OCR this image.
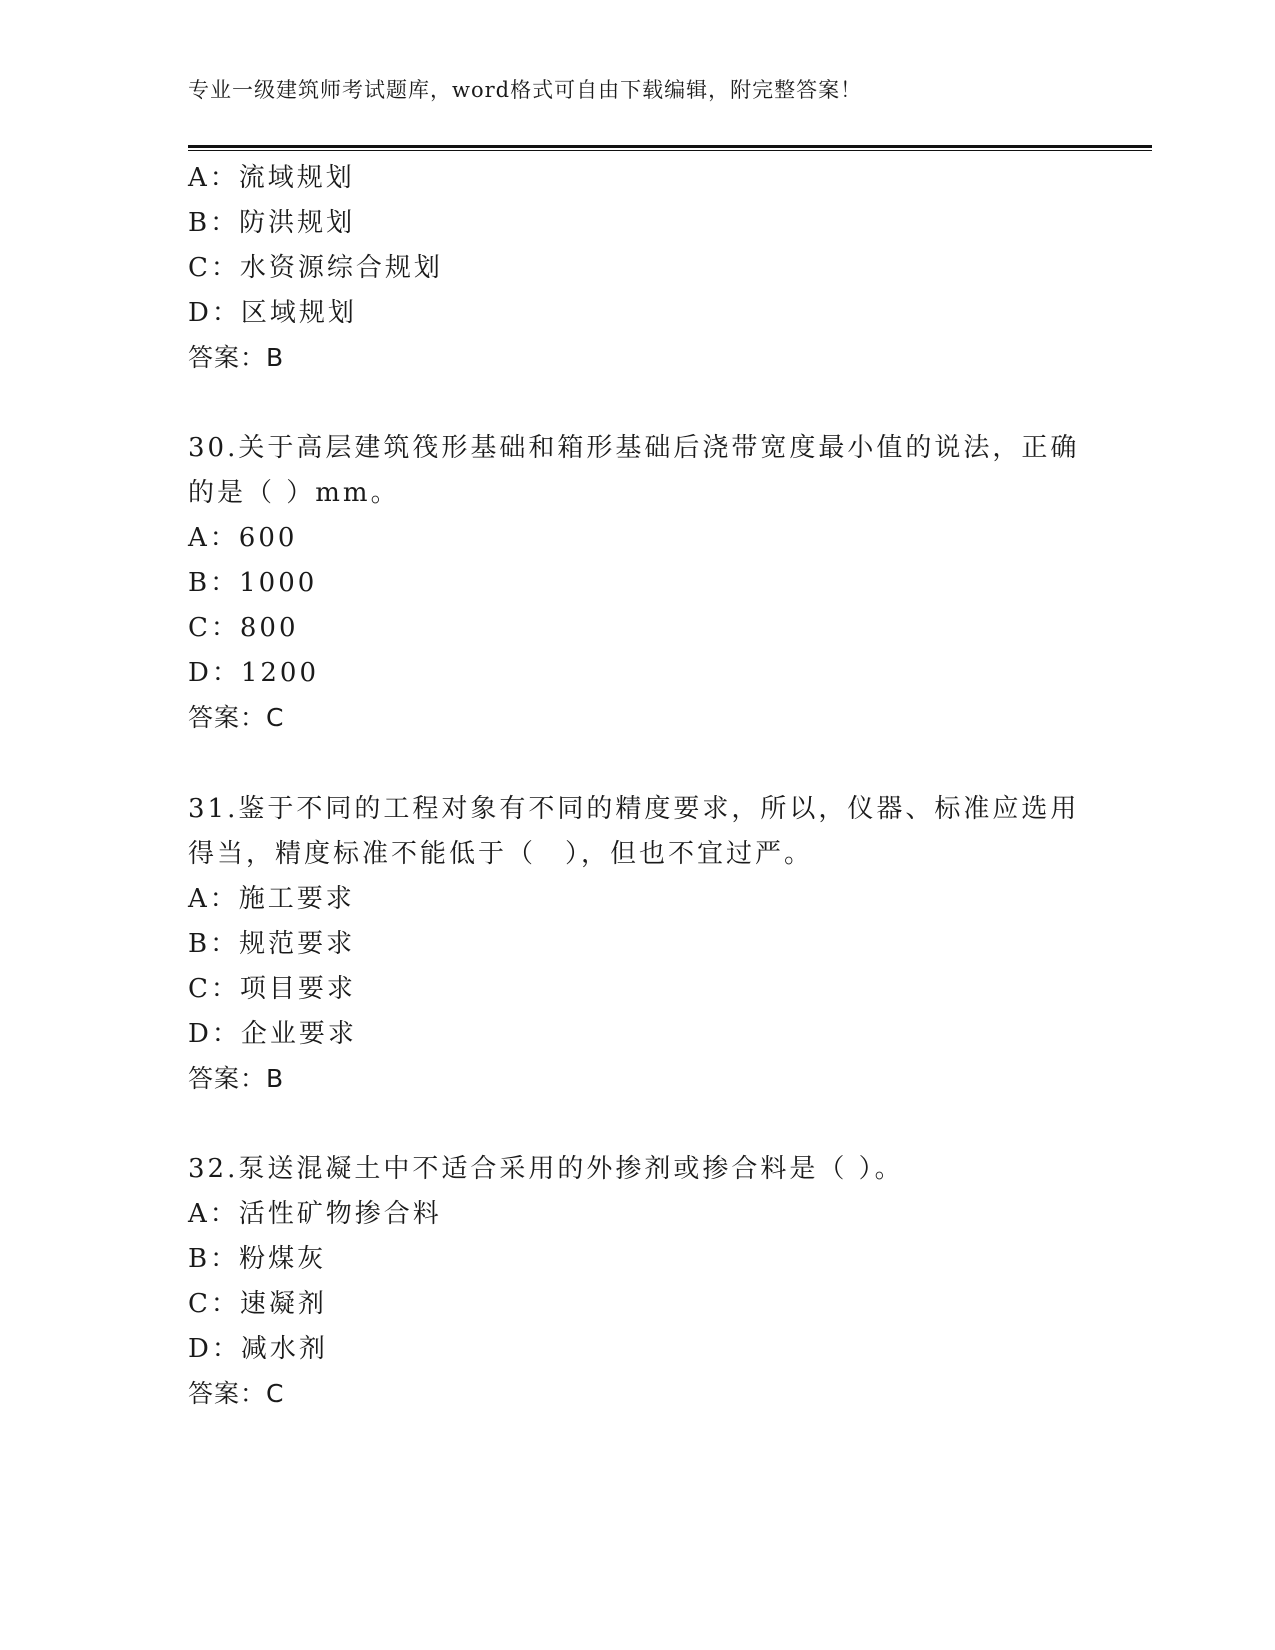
专业一级建筑师考试题库，word格式可自由下载编辑，附完整答案！
A：流域规划
B：防洪规划
C：水资源综合规划
D：区域规划
答案：B
30.关于高层建筑筏形基础和箱形基础后浇带宽度最小值的说法，正确
的是（ ）mm。
A：600
B：1000
C：800
D：1200
答案：C
31.鉴于不同的工程对象有不同的精度要求，所以，仪器、标准应选用
得当，精度标准不能低于（　），但也不宜过严。
A：施工要求
B：规范要求
C：项目要求
D：企业要求
答案：B
32.泵送混凝土中不适合采用的外掺剂或掺合料是（ ）。
A：活性矿物掺合料
B：粉煤灰
C：速凝剂
D：减水剂
答案：C
